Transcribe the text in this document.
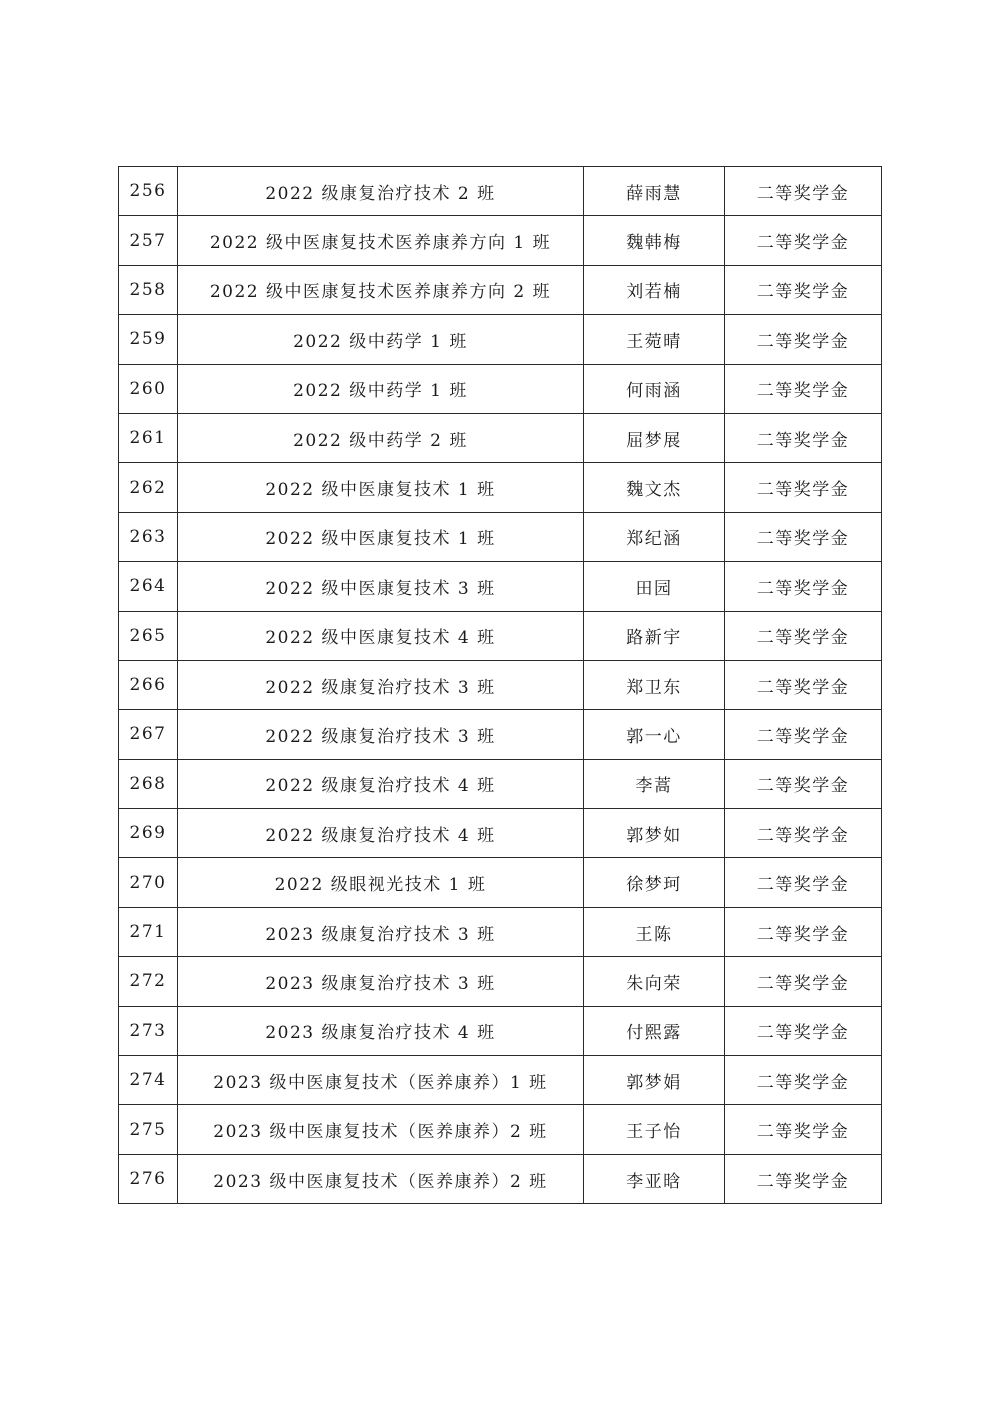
256	2022 级康复治疗技术 2 班	薛雨慧	二等奖学金
257	2022 级中医康复技术医养康养方向 1 班	魏韩梅	二等奖学金
258	2022 级中医康复技术医养康养方向 2 班	刘若楠	二等奖学金
259	2022 级中药学 1 班	王菀晴	二等奖学金
260	2022 级中药学 1 班	何雨涵	二等奖学金
261	2022 级中药学 2 班	屈梦展	二等奖学金
262	2022 级中医康复技术 1 班	魏文杰	二等奖学金
263	2022 级中医康复技术 1 班	郑纪涵	二等奖学金
264	2022 级中医康复技术 3 班	田园	二等奖学金
265	2022 级中医康复技术 4 班	路新宇	二等奖学金
266	2022 级康复治疗技术 3 班	郑卫东	二等奖学金
267	2022 级康复治疗技术 3 班	郭一心	二等奖学金
268	2022 级康复治疗技术 4 班	李蒿	二等奖学金
269	2022 级康复治疗技术 4 班	郭梦如	二等奖学金
270	2022 级眼视光技术 1 班	徐梦珂	二等奖学金
271	2023 级康复治疗技术 3 班	王陈	二等奖学金
272	2023 级康复治疗技术 3 班	朱向荣	二等奖学金
273	2023 级康复治疗技术 4 班	付熙露	二等奖学金
274	2023 级中医康复技术（医养康养）1 班	郭梦娟	二等奖学金
275	2023 级中医康复技术（医养康养）2 班	王子怡	二等奖学金
276	2023 级中医康复技术（医养康养）2 班	李亚晗	二等奖学金
